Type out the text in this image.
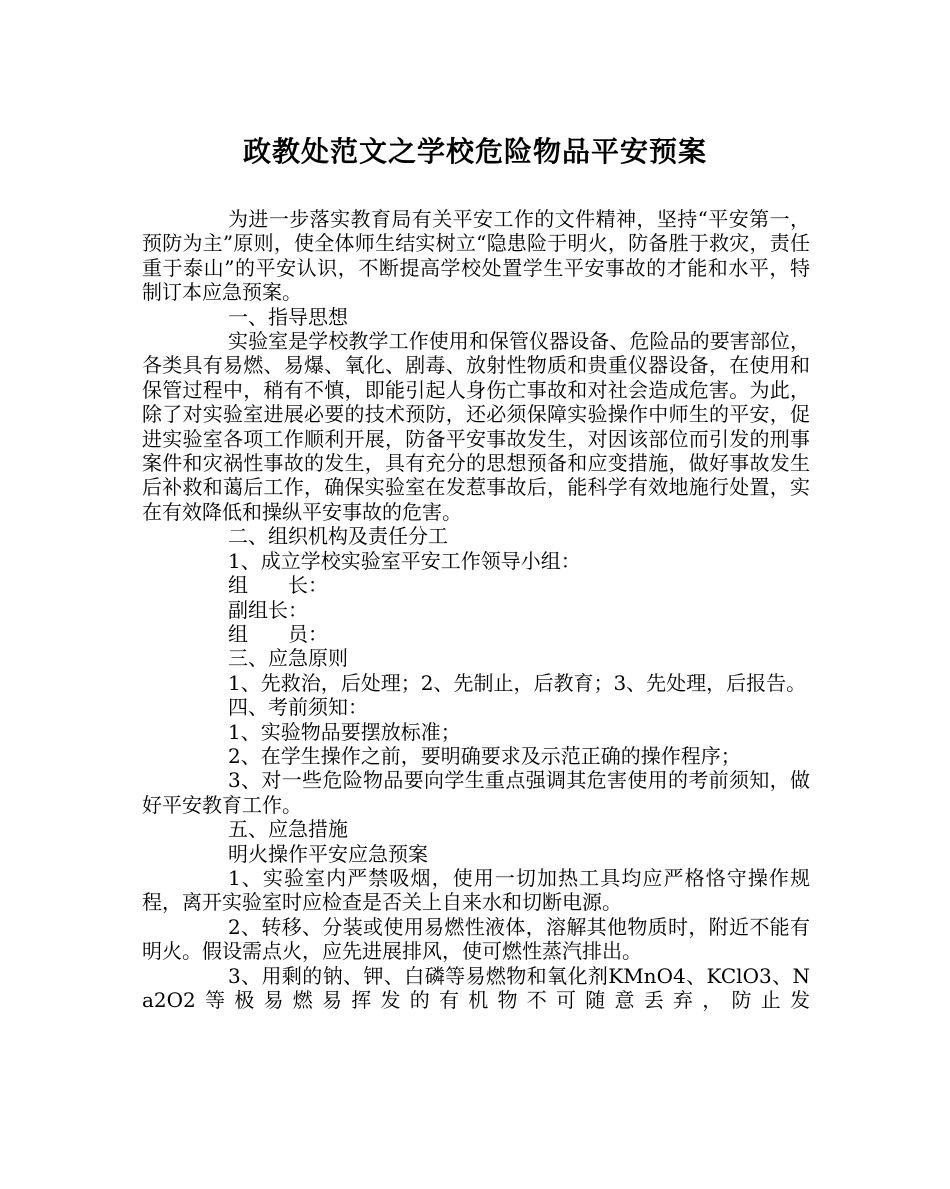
政教处范文之学校危险物品平安预案

为进一步落实教育局有关平安工作的文件精神，坚持“平安第一，预防为主”原则，使全体师生结实树立“隐患险于明火，防备胜于救灾，责任重于泰山”的平安认识，不断提高学校处置学生平安事故的才能和水平，特制订本应急预案。

一、指导思想

实验室是学校教学工作使用和保管仪器设备、危险品的要害部位，各类具有易燃、易爆、氧化、剧毒、放射性物质和贵重仪器设备，在使用和保管过程中，稍有不慎，即能引起人身伤亡事故和对社会造成危害。为此，除了对实验室进展必要的技术预防，还必须保障实验操作中师生的平安，促进实验室各项工作顺利开展，防备平安事故发生，对因该部位而引发的刑事案件和灾祸性事故的发生，具有充分的思想预备和应变措施，做好事故发生后补救和蔼后工作，确保实验室在发惹事故后，能科学有效地施行处置，实在有效降低和操纵平安事故的危害。

二、组织机构及责任分工

1、成立学校实验室平安工作领导小组：

组　　长：

副组长：

组　　员：

三、应急原则

1、先救治，后处理；2、先制止，后教育；3、先处理，后报告。

四、考前须知：

1、实验物品要摆放标准；

2、在学生操作之前，要明确要求及示范正确的操作程序；

3、对一些危险物品要向学生重点强调其危害使用的考前须知，做好平安教育工作。

五、应急措施

明火操作平安应急预案

1、实验室内严禁吸烟，使用一切加热工具均应严格恪守操作规程，离开实验室时应检查是否关上自来水和切断电源。

2、转移、分装或使用易燃性液体，溶解其他物质时，附近不能有明火。假设需点火，应先进展排风，使可燃性蒸汽排出。

3、用剩的钠、钾、白磷等易燃物和氧化剂KMnO4、KClO3、Na2O2等极易燃易挥发的有机物不可随意丢弃，防止发
